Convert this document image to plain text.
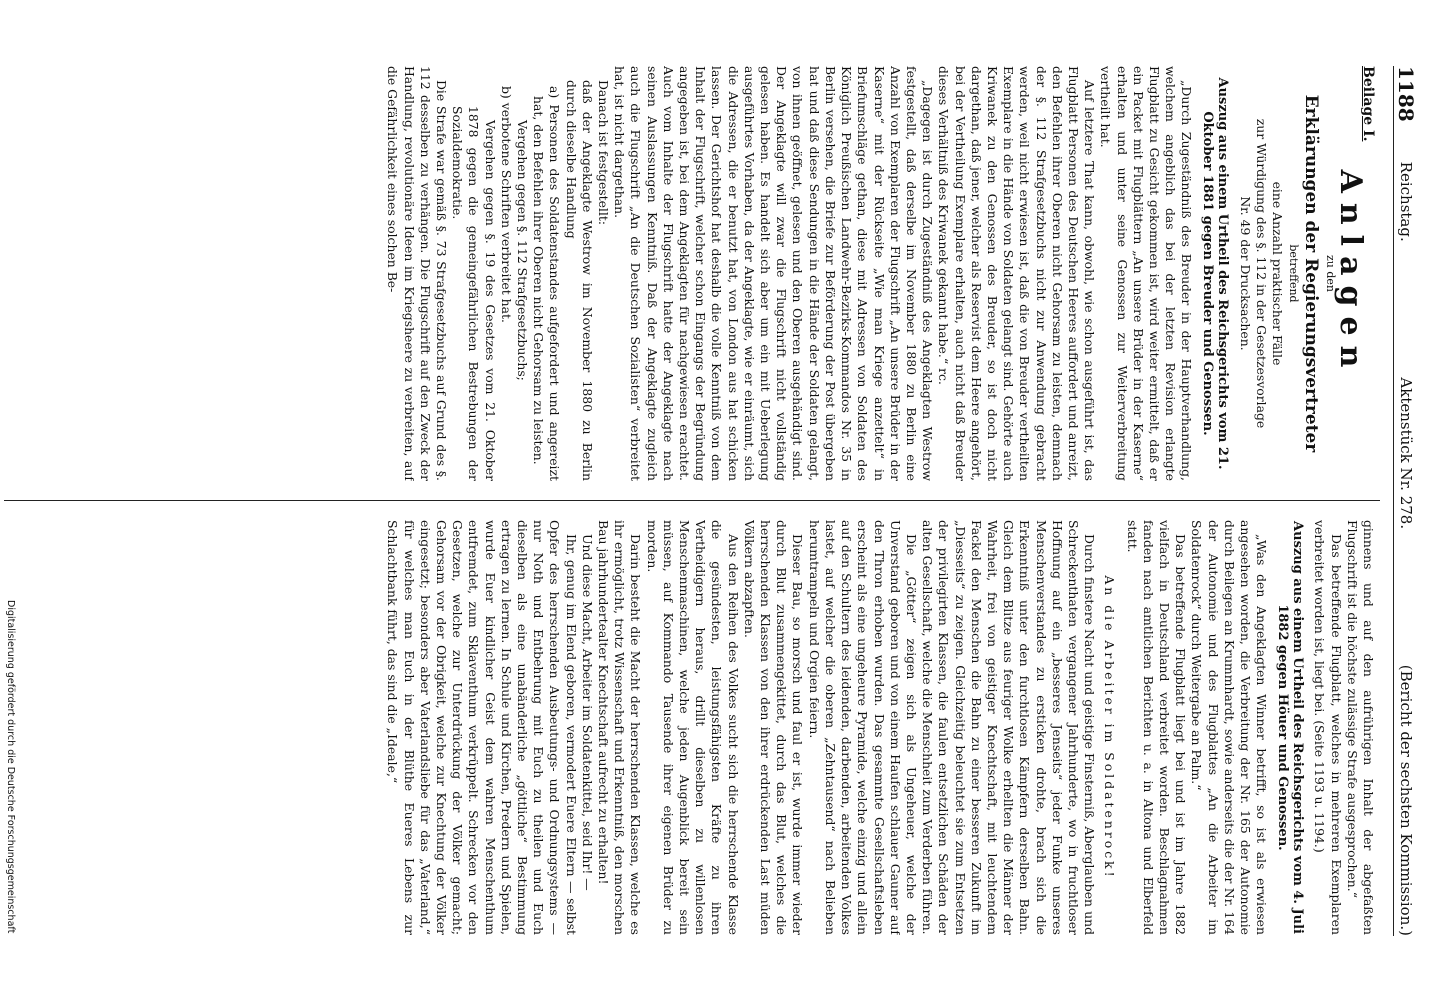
1188
Reichstag.
Aktenstück Nr. 278.
(Bericht der sechsten Kommission.)
Beilage I.
Anlagen

zu den

Erklärungen der Regierungsvertreter

betreffend

eine Anzahl praktischer Fälle

zur Würdigung des §. 112 in der Gesetzesvorlage

Nr. 49 der Drucksachen.

Auszug aus einem Urtheil des Reichsgerichts vom 21. Oktober 1881 gegen Breuder und Genossen.

„Durch Zugeständniß des Breuder in der Hauptverhandlung, welchem angeblich das bei der letzten Revision erlangte Flugblatt zu Gesicht gekommen ist, wird weiter ermittelt, daß er ein Packet mit Flugblättern „An unsere Brüder in der Kaserne“ erhalten und unter seine Genossen zur Weiterverbreitung vertheilt hat.

Auf letztere That kann, obwohl, wie schon ausgeführt ist, das Flugblatt Personen des Deutschen Heeres auffordert und anreizt, den Befehlen ihrer Oberen nicht Gehorsam zu leisten, demnach der §. 112 Strafgesetzbuchs nicht zur Anwendung gebracht werden, weil nicht erwiesen ist, daß die von Breuder vertheilten Exemplare in die Hände von Soldaten gelangt sind. Gehörte auch Kriwanek zu den Genossen des Breuder, so ist doch nicht dargethan, daß jener, welcher als Reservist dem Heere angehört, bei der Vertheilung Exemplare erhalten, auch nicht daß Breuder dieses Verhältniß des Kriwanek gekannt habe.“ rc.

„Dagegen ist durch Zugeständniß des Angeklagten Westrow festgestellt, daß derselbe im November 1880 zu Berlin eine Anzahl von Exemplaren der Flugschrift „An unsere Brüder in der Kaserne“ mit der Rückseite „Wie man Kriege anzettelt“ in Briefumschläge gethan, diese mit Adressen von Soldaten des Königlich Preußischen Landwehr-Bezirks-Kommandos Nr. 35 in Berlin versehen, die Briefe zur Beförderung der Post übergeben hat und daß diese Sendungen in die Hände der Soldaten gelangt, von ihnen geöffnet, gelesen und den Oberen ausgehändigt sind. Der Angeklagte will zwar die Flugschrift nicht vollständig gelesen haben. Es handelt sich aber um ein mit Ueberlegung ausgeführtes Vorhaben, da der Angeklagte, wie er einräumt, sich die Adressen, die er benutzt hat, von London aus hat schicken lassen. Der Gerichtshof hat deshalb die volle Kenntniß von dem Inhalt der Flugschrift, welcher schon Eingangs der Begründung angegeben ist, bei dem Angeklagten für nachgewiesen erachtet. Auch vom Inhalte der Flugschrift hatte der Angeklagte nach seinen Auslassungen Kenntniß. Daß der Angeklagte zugleich auch die Flugschrift „An die Deutschen Sozialisten“ verbreitet hat, ist nicht dargethan.

Danach ist festgestellt:

daß der Angeklagte Westrow im November 1880 zu Berlin durch dieselbe Handlung

a) Personen des Soldatenstandes aufgefordert und angereizt hat, den Befehlen ihrer Oberen nicht Gehorsam zu leisten.

Vergehen gegen §. 112 Strafgesetzbuchs;

b) verbotene Schriften verbreitet hat.

Vergehen gegen §. 19 des Gesetzes vom 21. Oktober 1878 gegen die gemeingefährlichen Bestrebungen der Sozialdemokratie.

Die Strafe war gemäß §. 73 Strafgesetzbuchs auf Grund des §. 112 desselben zu verhängen. Die Flugschrift auf den Zweck der Handlung, revolutionäre Ideen im Kriegsheere zu verbreiten, auf die Gefährlichkeit eines solchen Be-

ginnens und auf den aufrührigen Inhalt der abgefaßten Flugschrift ist die höchste zulässige Strafe ausgesprochen.“

Das betreffende Flugblatt, welches in mehreren Exemplaren verbreitet worden ist, liegt bei. (Seite 1193 u. 1194.)

Auszug aus einem Urtheil des Reichsgerichts vom 4. Juli 1882 gegen Höuer und Genossen.

„Was den Angeklagten Winner betrifft, so ist als erwiesen angesehen worden, die Verbreitung der Nr. 165 der Autonomie durch Beilegen an Krummhardt, sowie anderseits die der Nr. 164 der Autonomie und des Flugblattes „An die Arbeiter im Soldatenrock“ durch Weitergabe an Palm.“

Das betreffende Flugblatt liegt bei und ist im Jahre 1882 vielfach in Deutschland verbreitet worden. Beschlagnahmen fanden nach amtlichen Berichten u. a. in Altona und Elberfeld statt.

An die Arbeiter im Soldatenrock!

Durch finstere Nacht und geistige Finsterniß, Aberglauben und Schreckenthaten vergangener Jahrhunderte, wo in fruchtloser Hoffnung auf ein „besseres Jenseits“ jeder Funke unseres Menschenverstandes zu ersticken drohte, brach sich die Erkenntniß unter den furchtlosen Kämpfern derselben Bahn. Gleich dem Blitze aus feuriger Wolke erhellten die Männer der Wahrheit, frei von geistiger Knechtschaft, mit leuchtendem Fackel den Menschen die Bahn zu einer besseren Zukunft im „Diesseits“ zu zeigen. Gleichzeitig beleuchtet sie zum Entsetzen der privilegirten Klassen, die faulen entsetzlichen Schäden der alten Gesellschaft, welche die Menschheit zum Verderben führen.

Die „Götter“ zeigen sich als Ungeheuer, welche der Unverstand geboren und von einem Haufen schlauer Gauner auf den Thron erhoben wurden. Das gesammte Gesellschaftsleben erscheint als eine ungeheure Pyramide, welche einzig und allein auf den Schultern des leidenden, darbenden, arbeitenden Volkes lastet, auf welcher die oberen „Zehntausend“ nach Belieben herumtrampeln und Orgien feiern.

Dieser Bau, so morsch und faul er ist, wurde immer wieder durch Blut zusammengekittet, durch das Blut, welches die herrschenden Klassen von den ihrer erdrückenden Last müden Völkern abzapften.

Aus den Reihen des Volkes sucht sich die herrschende Klasse die gesündesten, leistungsfähigsten Kräfte zu ihren Vertheidigern heraus, drillt dieselben zu willenlosen Menschenmaschinen, welche jeden Augenblick bereit sein müssen, auf Kommando Tausende ihrer eigenen Brüder zu morden.

Darin besteht die Macht der herrschenden Klassen, welche es ihr ermöglicht, trotz Wissenschaft und Erkenntniß, den morschen Bau jahrhundertealter Knechtschaft aufrecht zu erhalten!

Und diese Macht, Arbeiter im Soldatenkittel, seid Ihr! —

Ihr, genug im Elend geboren, vermodert Euere Eltern — selbst Opfer des herrschenden Ausbeutungs- und Ordnungsystems — nur Noth und Entbehrung mit Euch zu theilen und Euch dieselben als eine unabänderliche „göttliche“ Bestimmung ertragen zu lernen. In Schule und Kirchen, Predern und Spielen, wurde Euer kindlicher Geist dem wahren Menschenthum entfremdet, zum Sklaventhum verkrüppelt. Schrecken vor den Gesetzen, welche zur Unterdrückung der Völker gemacht; Gehorsam vor der Obrigkeit, welche zur Knechtung der Völker eingesetzt; besonders aber Vaterlandsliebe für das „Vaterland,“ für welches man Euch in der Blüthe Eueres Lebens zur Schlachtbank führt, das sind die „Ideale,“

Digitalisierung gefördert durch die Deutsche Forschungsgemeinschaft
